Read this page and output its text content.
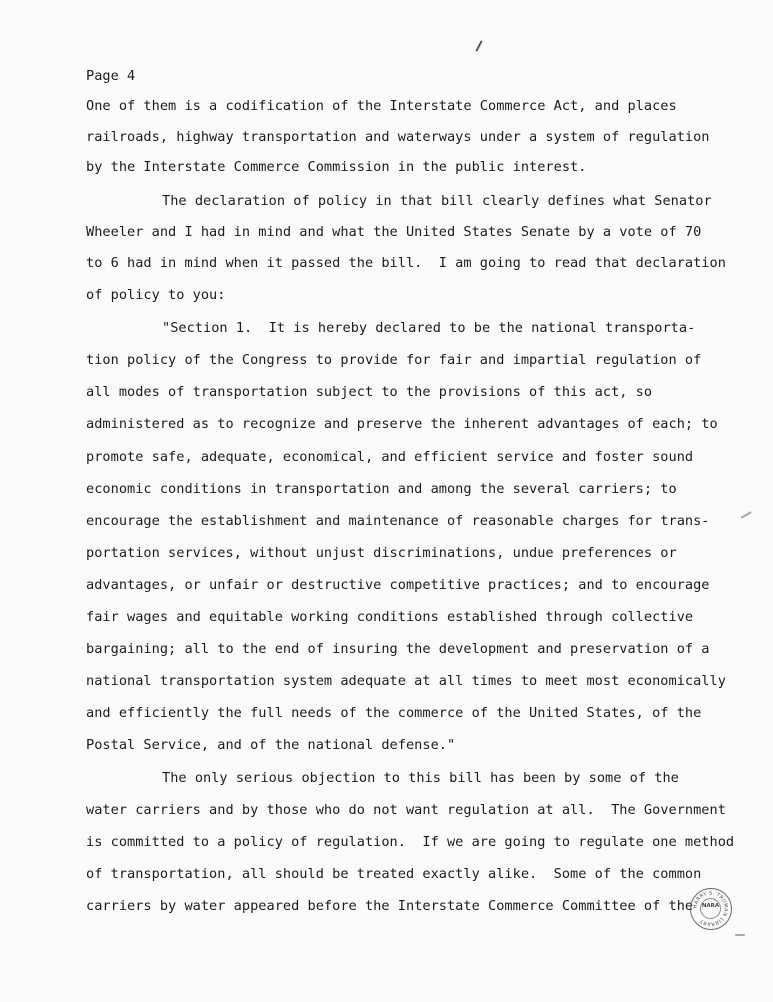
Page 4

One of them is a codification of the Interstate Commerce Act, and places

railroads, highway transportation and waterways under a system of regulation

by the Interstate Commerce Commission in the public interest.

The declaration of policy in that bill clearly defines what Senator

Wheeler and I had in mind and what the United States Senate by a vote of 70

to 6 had in mind when it passed the bill.  I am going to read that declaration

of policy to you:

"Section 1.  It is hereby declared to be the national transporta-

tion policy of the Congress to provide for fair and impartial regulation of

all modes of transportation subject to the provisions of this act, so

administered as to recognize and preserve the inherent advantages of each; to

promote safe, adequate, economical, and efficient service and foster sound

economic conditions in transportation and among the several carriers; to

encourage the establishment and maintenance of reasonable charges for trans-

portation services, without unjust discriminations, undue preferences or

advantages, or unfair or destructive competitive practices; and to encourage

fair wages and equitable working conditions established through collective

bargaining; all to the end of insuring the development and preservation of a

national transportation system adequate at all times to meet most economically

and efficiently the full needs of the commerce of the United States, of the

Postal Service, and of the national defense."

The only serious objection to this bill has been by some of the

water carriers and by those who do not want regulation at all.  The Government

is committed to a policy of regulation.  If we are going to regulate one method

of transportation, all should be treated exactly alike.  Some of the common

carriers by water appeared before the Interstate Commerce Committee of the HARRY S. TRUMAN LIBRARY
NARA
